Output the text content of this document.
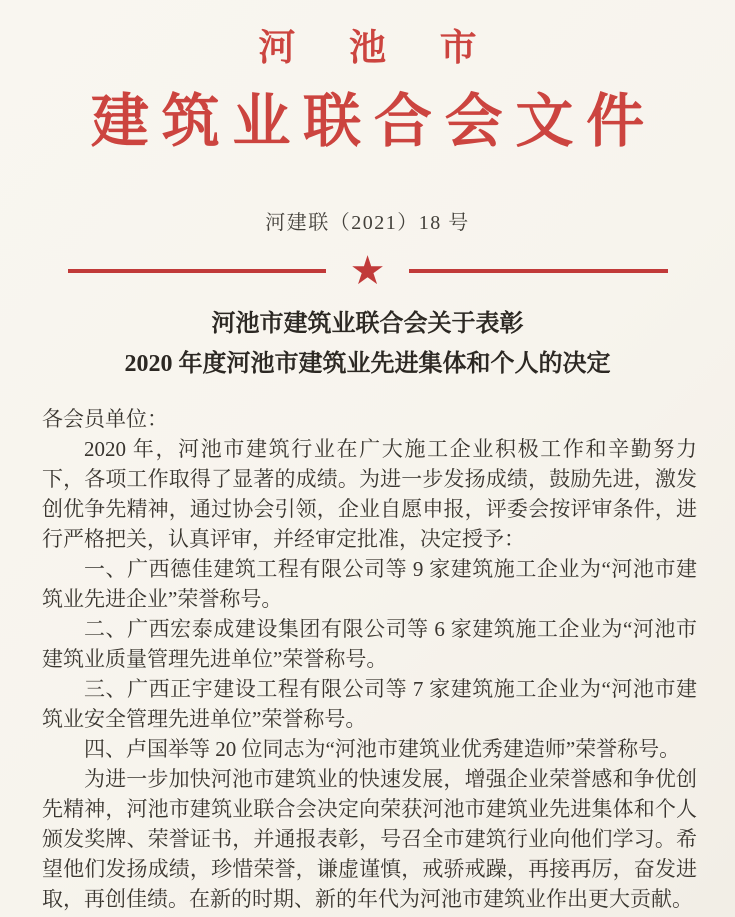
河池市
建筑业联合会文件
河建联（2021）18 号
★
河池市建筑业联合会关于表彰
2020 年度河池市建筑业先进集体和个人的决定

各会员单位：

2020 年，河池市建筑行业在广大施工企业积极工作和辛勤努力下，各项工作取得了显著的成绩。为进一步发扬成绩，鼓励先进，激发创优争先精神，通过协会引领，企业自愿申报，评委会按评审条件，进行严格把关，认真评审，并经审定批准，决定授予：

一、广西德佳建筑工程有限公司等 9 家建筑施工企业为“河池市建筑业先进企业”荣誉称号。

二、广西宏泰成建设集团有限公司等 6 家建筑施工企业为“河池市建筑业质量管理先进单位”荣誉称号。

三、广西正宇建设工程有限公司等 7 家建筑施工企业为“河池市建筑业安全管理先进单位”荣誉称号。

四、卢国举等 20 位同志为“河池市建筑业优秀建造师”荣誉称号。

为进一步加快河池市建筑业的快速发展，增强企业荣誉感和争优创先精神，河池市建筑业联合会决定向荣获河池市建筑业先进集体和个人颁发奖牌、荣誉证书，并通报表彰，号召全市建筑行业向他们学习。希望他们发扬成绩，珍惜荣誉，谦虚谨慎，戒骄戒躁，再接再厉，奋发进取，再创佳绩。在新的时期、新的年代为河池市建筑业作出更大贡献。
